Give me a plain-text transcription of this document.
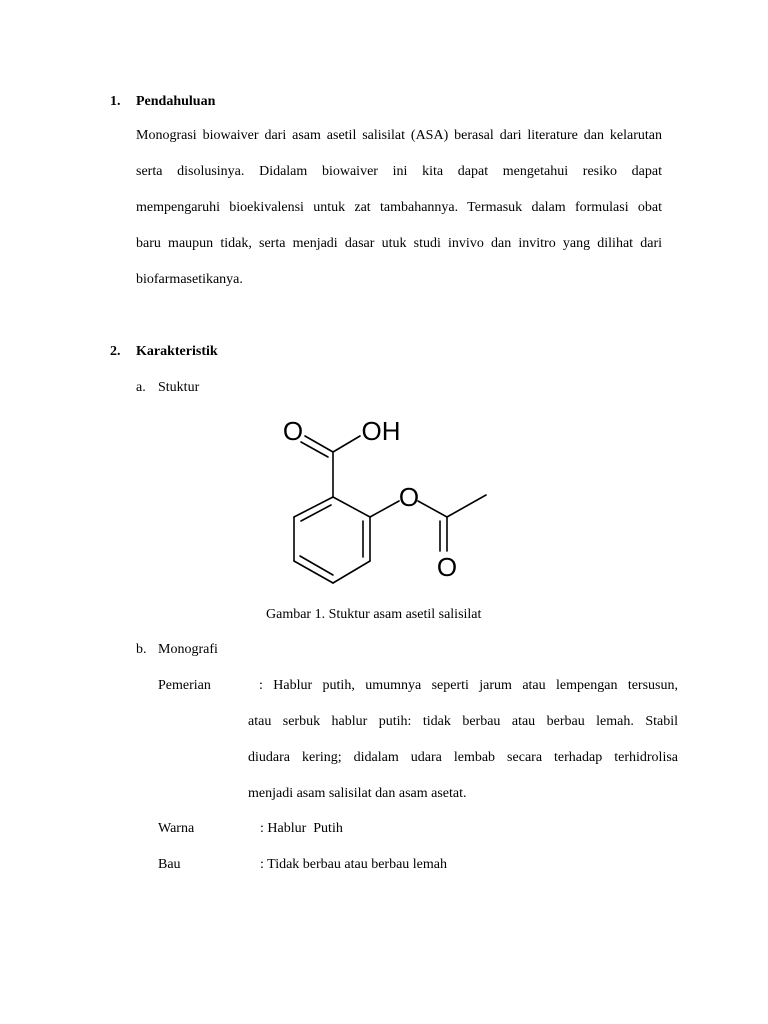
1. Pendahuluan
Monograsi biowaiver dari asam asetil salisilat (ASA) berasal dari literature dan kelarutan
serta disolusinya. Didalam biowaiver ini kita dapat mengetahui resiko dapat
mempengaruhi bioekivalensi untuk zat tambahannya. Termasuk dalam formulasi obat
baru maupun tidak, serta menjadi dasar utuk studi invivo dan invitro yang dilihat dari
biofarmasetikanya.
2. Karakteristik
a. Stuktur
O OH
O
O
Gambar 1. Stuktur asam asetil salisilat
b. Monografi
Pemerian	: Hablur putih, umumnya seperti jarum atau lempengan tersusun,
atau serbuk hablur putih: tidak berbau atau berbau lemah. Stabil
diudara kering; didalam udara lembab secara terhadap terhidrolisa
menjadi asam salisilat dan asam asetat.
Warna	: Hablur  Putih
Bau	: Tidak berbau atau berbau lemah
